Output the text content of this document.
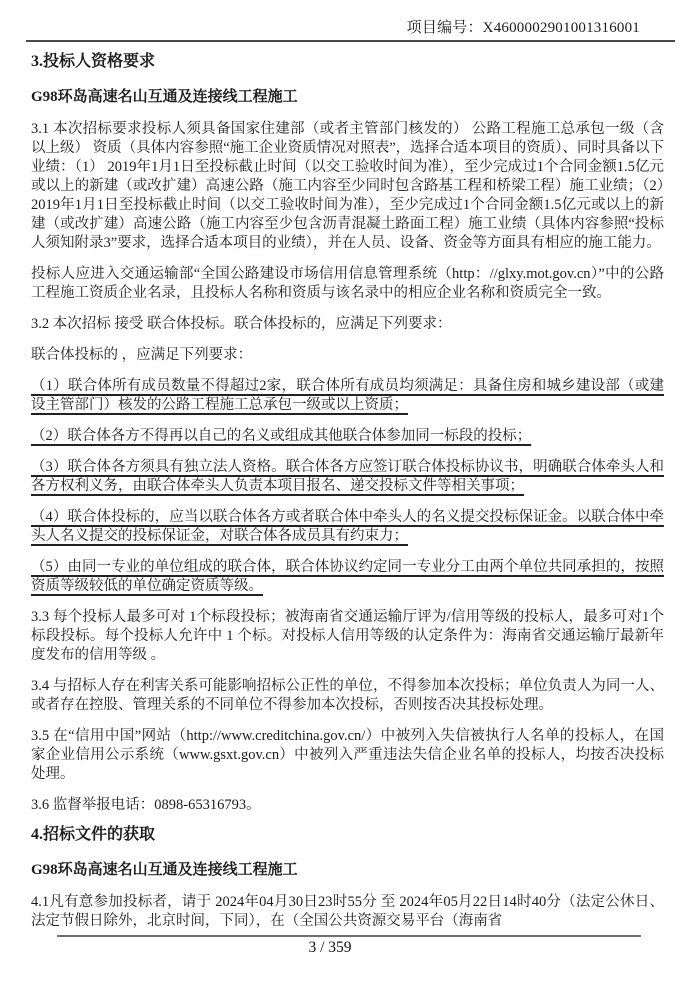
项目编号：X4600002901001316001

3.投标人资格要求

G98环岛高速名山互通及连接线工程施工

3.1 本次招标要求投标人须具备国家住建部（或者主管部门核发的） 公路工程施工总承包一级（含以上级） 资质（具体内容参照“施工企业资质情况对照表”，选择合适本项目的资质）、同时具备以下业绩：（1） 2019年1月1日至投标截止时间（以交工验收时间为准），至少完成过1个合同金额1.5亿元或以上的新建（或改扩建）高速公路（施工内容至少同时包含路基工程和桥梁工程）施工业绩；（2）2019年1月1日至投标截止时间（以交工验收时间为准），至少完成过1个合同金额1.5亿元或以上的新建（或改扩建）高速公路（施工内容至少包含沥青混凝土路面工程）施工业绩（具体内容参照“投标人须知附录3”要求，选择合适本项目的业绩），并在人员、设备、资金等方面具有相应的施工能力。

投标人应进入交通运输部“全国公路建设市场信用信息管理系统（http：//glxy.mot.gov.cn）”中的公路工程施工资质企业名录，且投标人名称和资质与该名录中的相应企业名称和资质完全一致。

3.2 本次招标 接受 联合体投标。联合体投标的，应满足下列要求：

联合体投标的 ，应满足下列要求：

（1）联合体所有成员数量不得超过2家，联合体所有成员均须满足：具备住房和城乡建设部（或建设主管部门）核发的公路工程施工总承包一级或以上资质；

（2）联合体各方不得再以自己的名义或组成其他联合体参加同一标段的投标；

（3）联合体各方须具有独立法人资格。联合体各方应签订联合体投标协议书，明确联合体牵头人和各方权利义务，由联合体牵头人负责本项目报名、递交投标文件等相关事项；

（4）联合体投标的，应当以联合体各方或者联合体中牵头人的名义提交投标保证金。以联合体中牵头人名义提交的投标保证金，对联合体各成员具有约束力；

（5）由同一专业的单位组成的联合体，联合体协议约定同一专业分工由两个单位共同承担的，按照资质等级较低的单位确定资质等级。

3.3 每个投标人最多可对 1个标段投标；被海南省交通运输厅评为/信用等级的投标人，最多可对1个标段投标。每个投标人允许中 1 个标。对投标人信用等级的认定条件为：海南省交通运输厅最新年度发布的信用等级 。

3.4 与招标人存在利害关系可能影响招标公正性的单位，不得参加本次投标；单位负责人为同一人、或者存在控股、管理关系的不同单位不得参加本次投标，否则按否决其投标处理。

3.5 在“信用中国”网站（http://www.creditchina.gov.cn/）中被列入失信被执行人名单的投标人，在国家企业信用公示系统（www.gsxt.gov.cn）中被列入严重违法失信企业名单的投标人，均按否决投标处理。

3.6 监督举报电话：0898-65316793。

4.招标文件的获取

G98环岛高速名山互通及连接线工程施工

4.1凡有意参加投标者，请于 2024年04月30日23时55分 至 2024年05月22日14时40分（法定公休日、法定节假日除外，北京时间，下同），在（全国公共资源交易平台（海南省

3 / 359
